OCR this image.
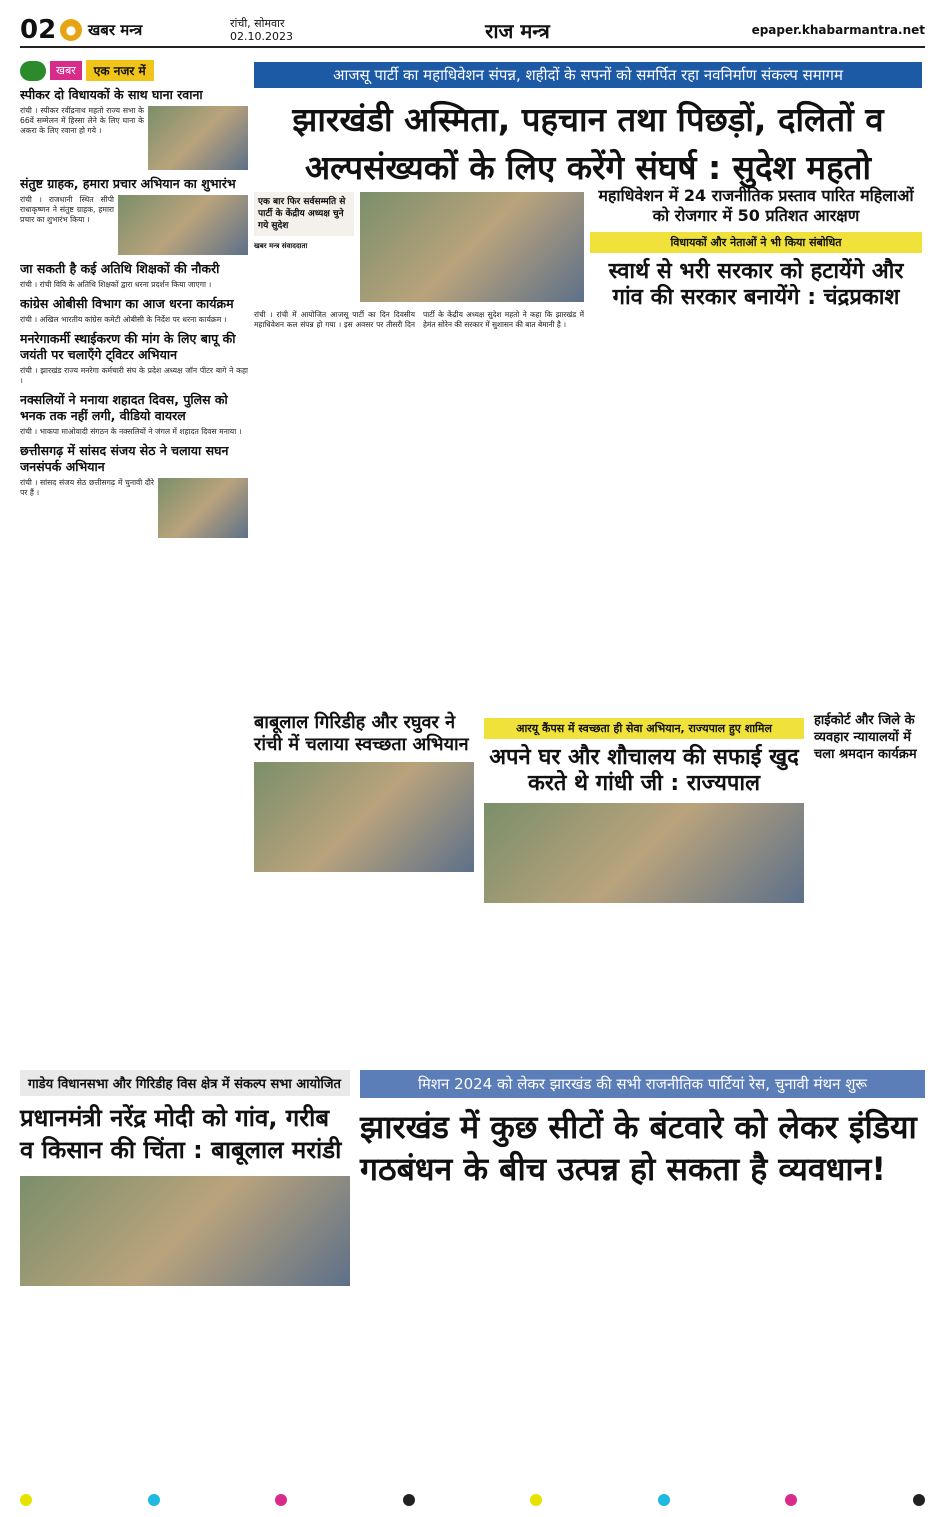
02 ● खबर मन्त्र	रांची, सोमवार
02.10.2023	राज मन्त्र	epaper.khabarmantra.net
खबर	एक नजर में
स्पीकर दो विधायकों के साथ घाना रवाना
रांची । स्पीकर रवींद्रनाथ महतो राज्य सभा के 66वें सम्मेलन में हिस्सा लेने के लिए घाना के अकरा के लिए रवाना हो गये ।
संतुष्ट ग्राहक, हमारा प्रचार अभियान का शुभारंभ
रांची । राजधानी स्थित सीपी राधाकृष्णन ने संतुष्ट ग्राहक, हमारा प्रचार का शुभारंभ किया ।
जा सकती है कई अतिथि शिक्षकों की नौकरी
रांची । रांची विवि के अतिथि शिक्षकों द्वारा धरना प्रदर्शन किया जाएगा ।
कांग्रेस ओबीसी विभाग का आज धरना कार्यक्रम
रांची । अखिल भारतीय कांग्रेस कमेटी ओबीसी के निर्देश पर धरना कार्यक्रम ।
मनरेगाकर्मी स्थाईकरण की मांग के लिए बापू की जयंती पर चलाएँगे ट्विटर अभियान
रांची । झारखंड राज्य मनरेगा कर्मचारी संघ के प्रदेश अध्यक्ष जॉन पीटर बागे ने कहा ।
नक्सलियों ने मनाया शहादत दिवस, पुलिस को भनक तक नहीं लगी, वीडियो वायरल
रांची । भाकपा माओवादी संगठन के नक्सलियों ने जंगल में शहादत दिवस मनाया ।
छत्तीसगढ़ में सांसद संजय सेठ ने चलाया सघन जनसंपर्क अभियान
रांची । सांसद संजय सेठ छत्तीसगढ़ में चुनावी दौरे पर हैं ।
आजसू पार्टी का महाधिवेशन संपन्न, शहीदों के सपनों को समर्पित रहा नवनिर्माण संकल्प समागम
झारखंडी अस्मिता, पहचान तथा पिछड़ों, दलितों व
अल्पसंख्यकों के लिए करेंगे संघर्ष : सुदेश महतो
एक बार फिर सर्वसम्मति से पार्टी के केंद्रीय अध्यक्ष चुने गये सुदेश
खबर मन्त्र संवाददाता
रांची । रांची में आयोजित आजसू पार्टी का दिन दिवसीय महाधिवेशन कल संपन्न हो गया । इस अवसर पर तीसरी दिन पार्टी के केंद्रीय अध्यक्ष सुदेश महतो ने कहा कि झारखंड में हेमंत सोरेन की सरकार में सुशासन की बात बेमानी है ।
महाधिवेशन में 24 राजनीतिक प्रस्ताव पारित महिलाओं को रोजगार में 50 प्रतिशत आरक्षण
विधायकों और नेताओं ने भी किया संबोधित
स्वार्थ से भरी सरकार को हटायेंगे और गांव की सरकार बनायेंगे : चंद्रप्रकाश
बाबूलाल गिरिडीह और रघुवर ने रांची में चलाया स्वच्छता अभियान
आरयू कैंपस में स्वच्छता ही सेवा अभियान, राज्यपाल हुए शामिल
अपने घर और शौचालय की सफाई खुद करते थे गांधी जी : राज्यपाल
हाईकोर्ट और जिले के व्यवहार न्यायालयों में चला श्रमदान कार्यक्रम
गाडेय विधानसभा और गिरिडीह विस क्षेत्र में संकल्प सभा आयोजित
प्रधानमंत्री नरेंद्र मोदी को गांव, गरीब व किसान की चिंता : बाबूलाल मरांडी
मिशन 2024 को लेकर झारखंड की सभी राजनीतिक पार्टियां रेस, चुनावी मंथन शुरू
झारखंड में कुछ सीटों के बंटवारे को लेकर इंडिया गठबंधन के बीच उत्पन्न हो सकता है व्यवधान!
